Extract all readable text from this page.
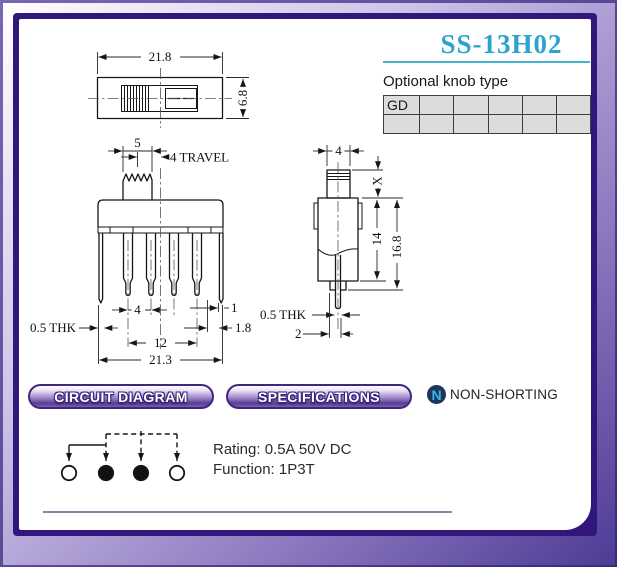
21.8
6.8
5
4 TRAVEL
4	1
0.5 THK	1.8
12
21.3
4
X
14 16.8
0.5 THK
2
SS-13H02
Optional knob type
GD					

CIRCUIT DIAGRAM	SPECIFICATIONS	N NON-SHORTING
Rating: 0.5A 50V DC
Function: 1P3T
